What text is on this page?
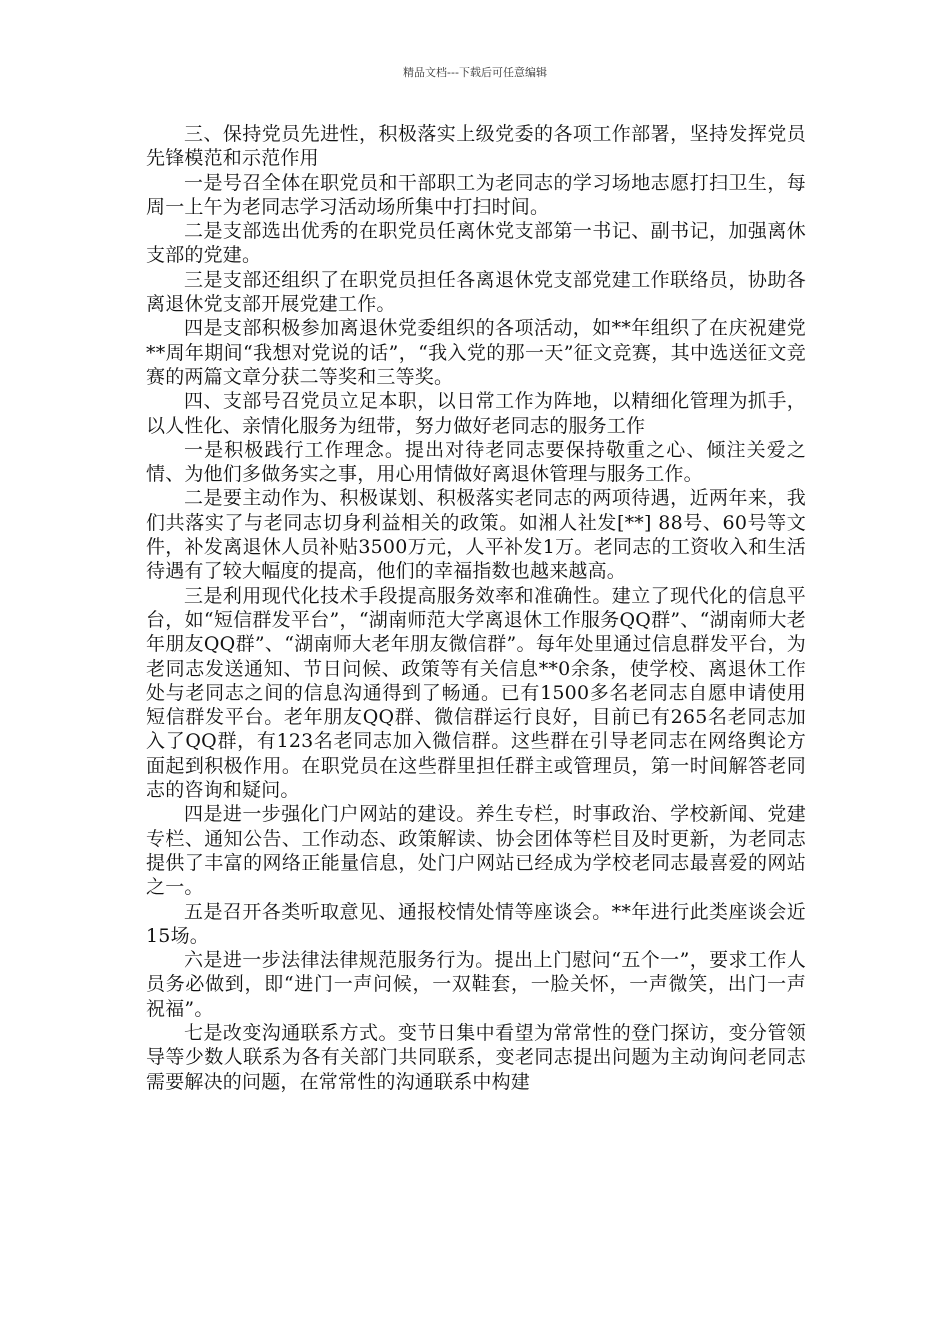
精品文档---下载后可任意编辑

三、保持党员先进性，积极落实上级党委的各项工作部署，坚持发挥党员先锋模范和示范作用

一是号召全体在职党员和干部职工为老同志的学习场地志愿打扫卫生，每周一上午为老同志学习活动场所集中打扫时间。

二是支部选出优秀的在职党员任离休党支部第一书记、副书记，加强离休支部的党建。

三是支部还组织了在职党员担任各离退休党支部党建工作联络员，协助各离退休党支部开展党建工作。

四是支部积极参加离退休党委组织的各项活动，如**年组织了在庆祝建党**周年期间“我想对党说的话”，“我入党的那一天”征文竞赛，其中选送征文竞赛的两篇文章分获二等奖和三等奖。

四、支部号召党员立足本职，以日常工作为阵地，以精细化管理为抓手，以人性化、亲情化服务为纽带，努力做好老同志的服务工作

一是积极践行工作理念。提出对待老同志要保持敬重之心、倾注关爱之情、为他们多做务实之事，用心用情做好离退休管理与服务工作。

二是要主动作为、积极谋划、积极落实老同志的两项待遇，近两年来，我们共落实了与老同志切身利益相关的政策。如湘人社发[**] 88号、60号等文件，补发离退休人员补贴3500万元，人平补发1万。老同志的工资收入和生活待遇有了较大幅度的提高，他们的幸福指数也越来越高。

三是利用现代化技术手段提高服务效率和准确性。建立了现代化的信息平台，如“短信群发平台”，“湖南师范大学离退休工作服务QQ群”、“湖南师大老年朋友QQ群”、“湖南师大老年朋友微信群”。每年处里通过信息群发平台，为老同志发送通知、节日问候、政策等有关信息**0余条，使学校、离退休工作处与老同志之间的信息沟通得到了畅通。已有1500多名老同志自愿申请使用短信群发平台。老年朋友QQ群、微信群运行良好，目前已有265名老同志加入了QQ群，有123名老同志加入微信群。这些群在引导老同志在网络舆论方面起到积极作用。在职党员在这些群里担任群主或管理员，第一时间解答老同志的咨询和疑问。

四是进一步强化门户网站的建设。养生专栏，时事政治、学校新闻、党建专栏、通知公告、工作动态、政策解读、协会团体等栏目及时更新，为老同志提供了丰富的网络正能量信息，处门户网站已经成为学校老同志最喜爱的网站之一。

五是召开各类听取意见、通报校情处情等座谈会。**年进行此类座谈会近15场。

六是进一步法律法律规范服务行为。提出上门慰问“五个一”，要求工作人员务必做到，即“进门一声问候，一双鞋套，一脸关怀，一声微笑，出门一声祝福”。

七是改变沟通联系方式。变节日集中看望为常常性的登门探访，变分管领导等少数人联系为各有关部门共同联系，变老同志提出问题为主动询问老同志需要解决的问题，在常常性的沟通联系中构建
